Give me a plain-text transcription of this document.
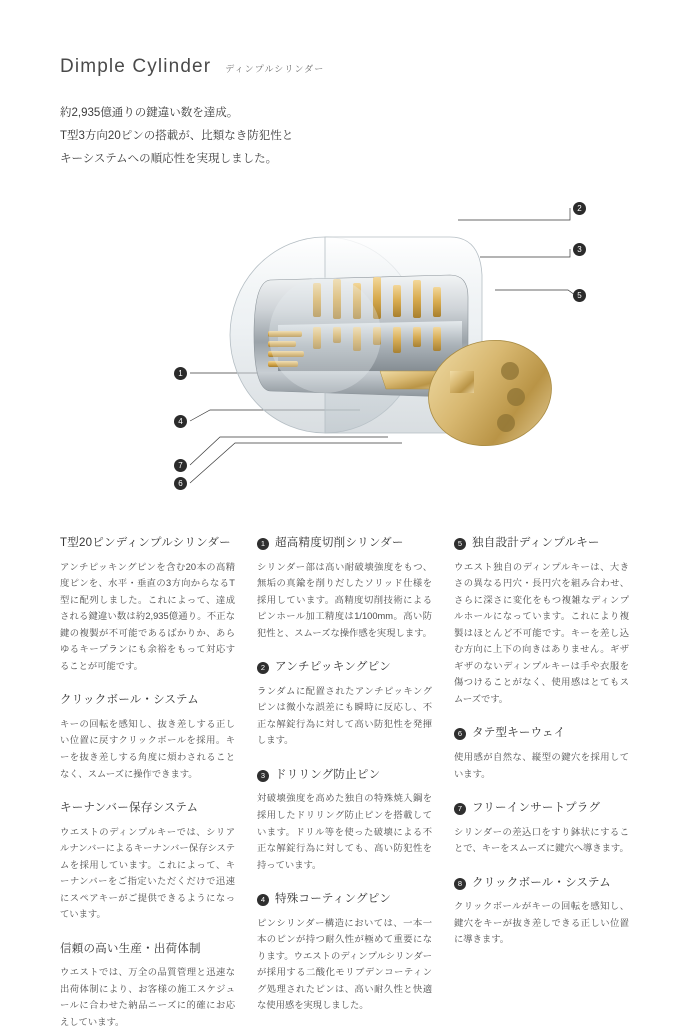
Dimple Cylinder ディンプルシリンダー
約2,935億通りの鍵違い数を達成。
T型3方向20ピンの搭載が、比類なき防犯性と
キーシステムへの順応性を実現しました。
2
3
5
1
4
7
6
T型20ピンディンプルシリンダー
アンチピッキングピンを含む20本の高精度ピンを、水平・垂直の3方向からなるT型に配列しました。これによって、達成される鍵違い数は約2,935億通り。不正な鍵の複製が不可能であるばかりか、あらゆるキープランにも余裕をもって対応することが可能です。
クリックボール・システム
キーの回転を感知し、抜き差しする正しい位置に戻すクリックボールを採用。キーを抜き差しする角度に煩わされることなく、スムーズに操作できます。
キーナンバー保存システム
ウエストのディンプルキーでは、シリアルナンバーによるキーナンバー保存システムを採用しています。これによって、キーナンバーをご指定いただくだけで迅速にスペアキーがご提供できるようになっています。
信頼の高い生産・出荷体制
ウエストでは、万全の品質管理と迅速な出荷体制により、お客様の施工スケジュールに合わせた納品ニーズに的確にお応えしています。
1 超高精度切削シリンダー
シリンダー部は高い耐破壊強度をもつ、無垢の真鍮を削りだしたソリッド仕様を採用しています。高精度切削技術によるピンホール加工精度は1/100mm。高い防犯性と、スムーズな操作感を実現します。
2 アンチピッキングピン
ランダムに配置されたアンチピッキングピンは微小な誤差にも瞬時に反応し、不正な解錠行為に対して高い防犯性を発揮します。
3 ドリリング防止ピン
対破壊強度を高めた独自の特殊焼入鋼を採用したドリリング防止ピンを搭載しています。ドリル等を使った破壊による不正な解錠行為に対しても、高い防犯性を持っています。
4 特殊コーティングピン
ピンシリンダー構造においては、一本一本のピンが持つ耐久性が極めて重要になります。ウエストのディンプルシリンダーが採用する二酸化モリブデンコーティング処理されたピンは、高い耐久性と快適な使用感を実現しました。
5 独自設計ディンプルキー
ウエスト独自のディンプルキーは、大きさの異なる円穴・長円穴を組み合わせ、さらに深さに変化をもつ複雑なディンプルホールになっています。これにより複製はほとんど不可能です。キーを差し込む方向に上下の向きはありません。ギザギザのないディンプルキーは手や衣服を傷つけることがなく、使用感はとてもスムーズです。
6 タテ型キーウェイ
使用感が自然な、縦型の鍵穴を採用しています。
7 フリーインサートプラグ
シリンダーの差込口をすり鉢状にすることで、キーをスムーズに鍵穴へ導きます。
8 クリックボール・システム
クリックボールがキーの回転を感知し、鍵穴をキーが抜き差しできる正しい位置に導きます。
